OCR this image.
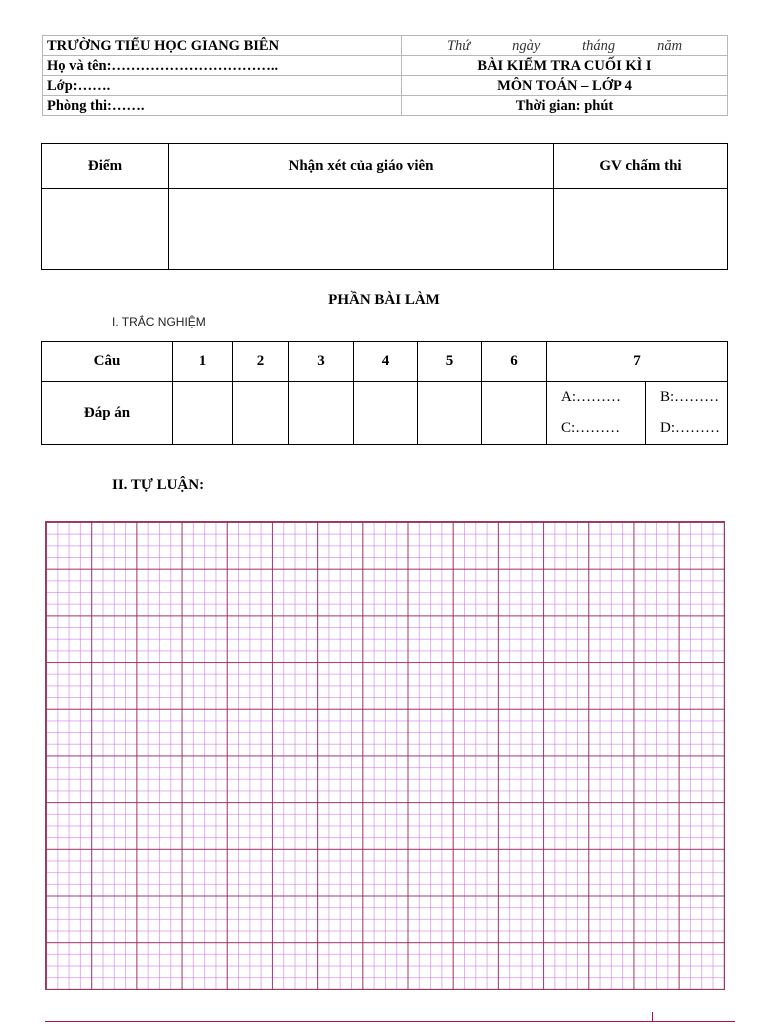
TRƯỜNG TIỂU HỌC GIANG BIÊN	Thứ ngày tháng năm

Họ và tên:……………………………..	BÀI KIỂM TRA CUỐI KÌ I
Lớp:…….	MÔN TOÁN – LỚP 4
Phòng thi:…….	Thời gian: phút
Điểm	Nhận xét của giáo viên	GV chấm thi

PHẦN BÀI LÀM
I. TRẮC NGHIỆM
Câu	1	2	3	4	5	6	7	
Đáp án							A:………	B:………
							C:………	D:………
II. TỰ LUẬN:
